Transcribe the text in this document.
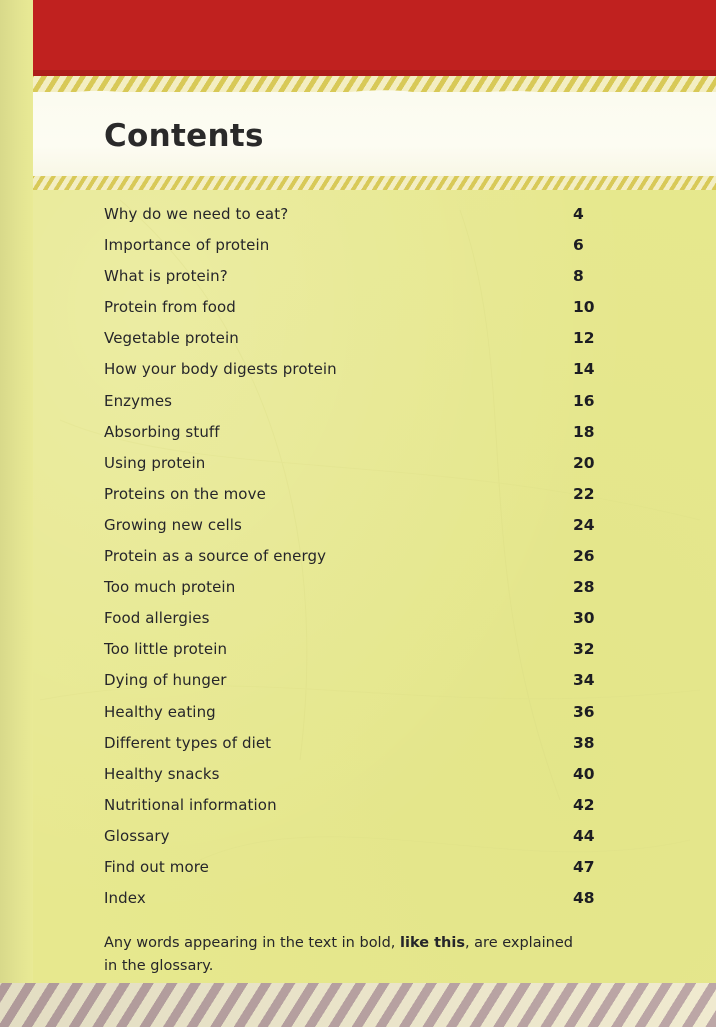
Contents
Why do we need to eat?	4
Importance of protein	6
What is protein?	8
Protein from food	10
Vegetable protein	12
How your body digests protein	14
Enzymes	16
Absorbing stuff	18
Using protein	20
Proteins on the move	22
Growing new cells	24
Protein as a source of energy	26
Too much protein	28
Food allergies	30
Too little protein	32
Dying of hunger	34
Healthy eating	36
Different types of diet	38
Healthy snacks	40
Nutritional information	42
Glossary	44
Find out more	47
Index	48
Any words appearing in the text in bold, like this, are explained in the glossary.
